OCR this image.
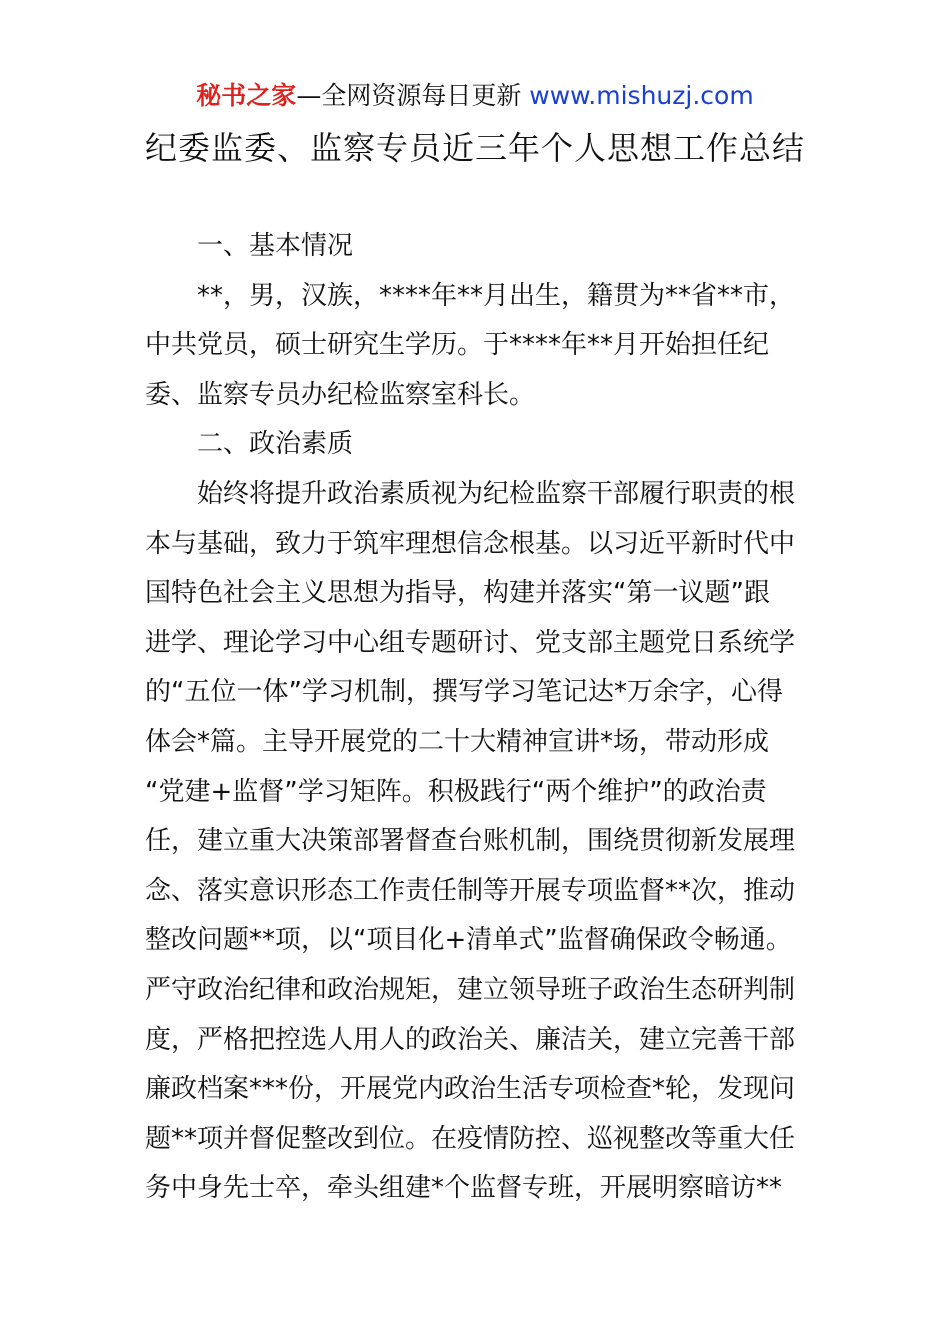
秘书之家—全网资源每日更新 www.mishuzj.com
纪委监委、监察专员近三年个人思想工作总结
一、基本情况
**，男，汉族，****年**月出生，籍贯为**省**市，
中共党员，硕士研究生学历。于****年**月开始担任纪
委、监察专员办纪检监察室科长。
二、政治素质
始终将提升政治素质视为纪检监察干部履行职责的根
本与基础，致力于筑牢理想信念根基。以习近平新时代中
国特色社会主义思想为指导，构建并落实“第一议题”跟
进学、理论学习中心组专题研讨、党支部主题党日系统学
的“五位一体”学习机制，撰写学习笔记达*万余字，心得
体会*篇。主导开展党的二十大精神宣讲*场，带动形成
“党建+监督”学习矩阵。积极践行“两个维护”的政治责
任，建立重大决策部署督查台账机制，围绕贯彻新发展理
念、落实意识形态工作责任制等开展专项监督**次，推动
整改问题**项，以“项目化+清单式”监督确保政令畅通。
严守政治纪律和政治规矩，建立领导班子政治生态研判制
度，严格把控选人用人的政治关、廉洁关，建立完善干部
廉政档案***份，开展党内政治生活专项检查*轮，发现问
题**项并督促整改到位。在疫情防控、巡视整改等重大任
务中身先士卒，牵头组建*个监督专班，开展明察暗访**
